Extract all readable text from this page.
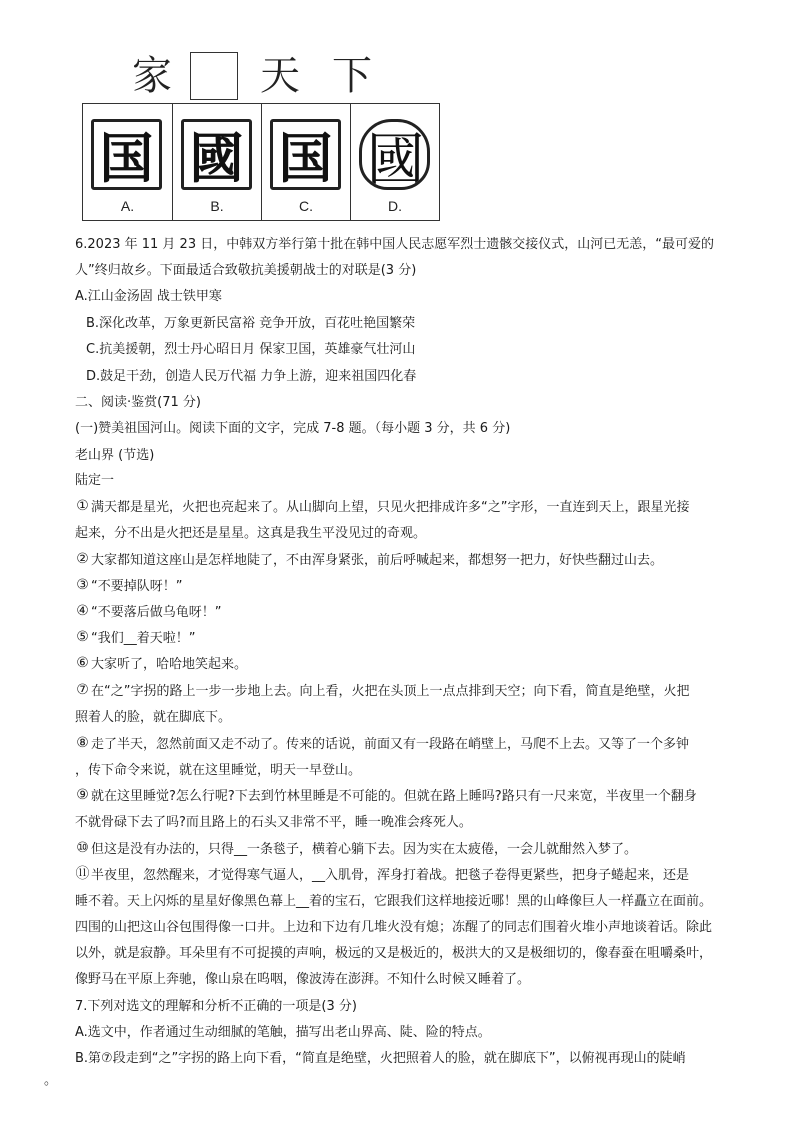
家 天 下
国
A.
國
B.
国
C.
國
D.
6.2023 年 11 月 23 日，中韩双方举行第十批在韩中国人民志愿军烈士遗骸交接仪式，山河已无恙，“最可爱的
人”终归故乡。下面最适合致敬抗美援朝战士的对联是(3 分)
A.江山金汤固 战士铁甲寒
B.深化改革，万象更新民富裕 竞争开放，百花吐艳国繁荣
C.抗美援朝，烈士丹心昭日月 保家卫国，英雄豪气壮河山
D.鼓足干劲，创造人民万代福 力争上游，迎来祖国四化春
二、阅读·鉴赏(71 分)
(一)赞美祖国河山。阅读下面的文字，完成 7-8 题。（每小题 3 分，共 6 分)
老山界 (节选)
陆定一
① 满天都是星光，火把也亮起来了。从山脚向上望，只见火把排成许多“之”字形，一直连到天上，跟星光接
起来，分不出是火把还是星星。这真是我生平没见过的奇观。
② 大家都知道这座山是怎样地陡了，不由浑身紧张，前后呼喊起来，都想努一把力，好快些翻过山去。
③ “不要掉队呀！”
④ “不要落后做乌龟呀！”
⑤ “我们__着天啦！”
⑥ 大家听了，哈哈地笑起来。
⑦ 在“之”字拐的路上一步一步地上去。向上看，火把在头顶上一点点排到天空；向下看，简直是绝壁，火把
照着人的脸，就在脚底下。
⑧ 走了半天，忽然前面又走不动了。传来的话说，前面又有一段路在峭壁上，马爬不上去。又等了一个多钟
，传下命令来说，就在这里睡觉，明天一早登山。
⑨ 就在这里睡觉?怎么行呢?下去到竹林里睡是不可能的。但就在路上睡吗?路只有一尺来宽，半夜里一个翻身
不就骨碌下去了吗?而且路上的石头又非常不平，睡一晚准会疼死人。
⑩ 但这是没有办法的，只得__一条毯子，横着心躺下去。因为实在太疲倦，一会儿就酣然入梦了。
⑪ 半夜里，忽然醒来，才觉得寒气逼人，__入肌骨，浑身打着战。把毯子卷得更紧些，把身子蜷起来，还是
睡不着。天上闪烁的星星好像黑色幕上__着的宝石，它跟我们这样地接近哪！黑的山峰像巨人一样矗立在面前。
四围的山把这山谷包围得像一口井。上边和下边有几堆火没有熄；冻醒了的同志们围着火堆小声地谈着话。除此
以外，就是寂静。耳朵里有不可捉摸的声响，极远的又是极近的，极洪大的又是极细切的，像春蚕在咀嚼桑叶，
像野马在平原上奔驰，像山泉在呜咽，像波涛在澎湃。不知什么时候又睡着了。
7.下列对选文的理解和分析不正确的一项是(3 分)
A.选文中，作者通过生动细腻的笔触，描写出老山界高、陡、险的特点。
B.第⑦段走到“之”字拐的路上向下看，“简直是绝壁，火把照着人的脸，就在脚底下”，以俯视再现山的陡峭
。
